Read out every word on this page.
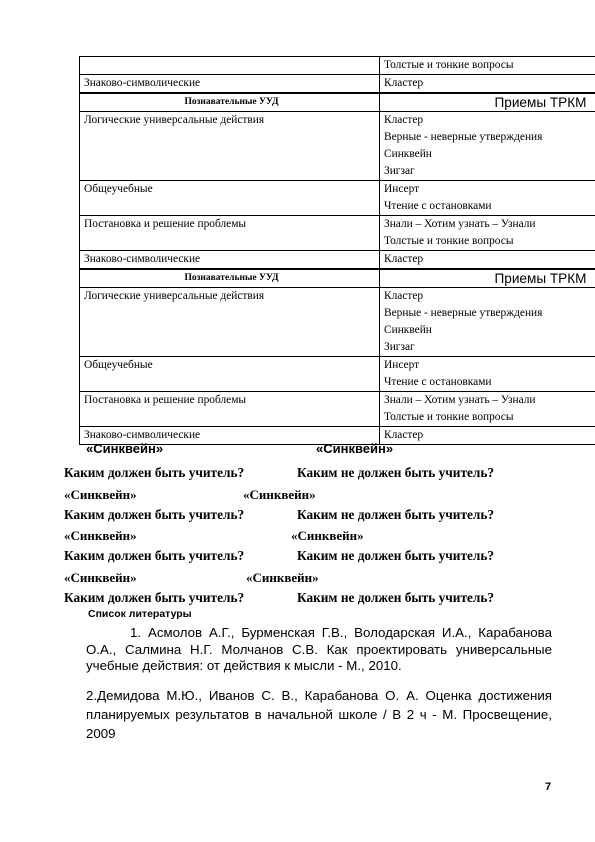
	Толстые и тонкие вопросы

Знаково-символические	Кластер

Познавательные УУД	Приемы ТРКМ

Логические универсальные действия	Кластер
Верные - неверные утверждения
Синквейн
Зигзаг

Общеучебные	Инсерт
Чтение с остановками

Постановка и решение проблемы	Знали – Хотим узнать – Узнали
Толстые и тонкие вопросы

Знаково-символические	Кластер

Познавательные УУД	Приемы ТРКМ

Логические универсальные действия	Кластер
Верные - неверные утверждения
Синквейн
Зигзаг

Общеучебные	Инсерт
Чтение с остановками

Постановка и решение проблемы	Знали – Хотим узнать – Узнали
Толстые и тонкие вопросы

Знаково-символические	Кластер
«Синквейн»	«Синквейн»
Каким должен быть учитель?	Каким не должен быть учитель?
«Синквейн»	«Синквейн»
Каким должен быть учитель?	Каким не должен быть учитель?
«Синквейн»	«Синквейн»
Каким должен быть учитель?	Каким не должен быть учитель?
«Синквейн»	«Синквейн»
Каким должен быть учитель?	Каким не должен быть учитель?
Список литературы
1. Асмолов А.Г., Бурменская Г.В., Володарская И.А., Карабанова О.А., Салмина Н.Г. Молчанов С.В. Как проектировать универсальные учебные действия: от действия к мысли - М., 2010.
2.Демидова М.Ю., Иванов С. В., Карабанова О. А. Оценка достижения планируемых результатов в начальной школе / В 2 ч - М. Просвещение, 2009
7
